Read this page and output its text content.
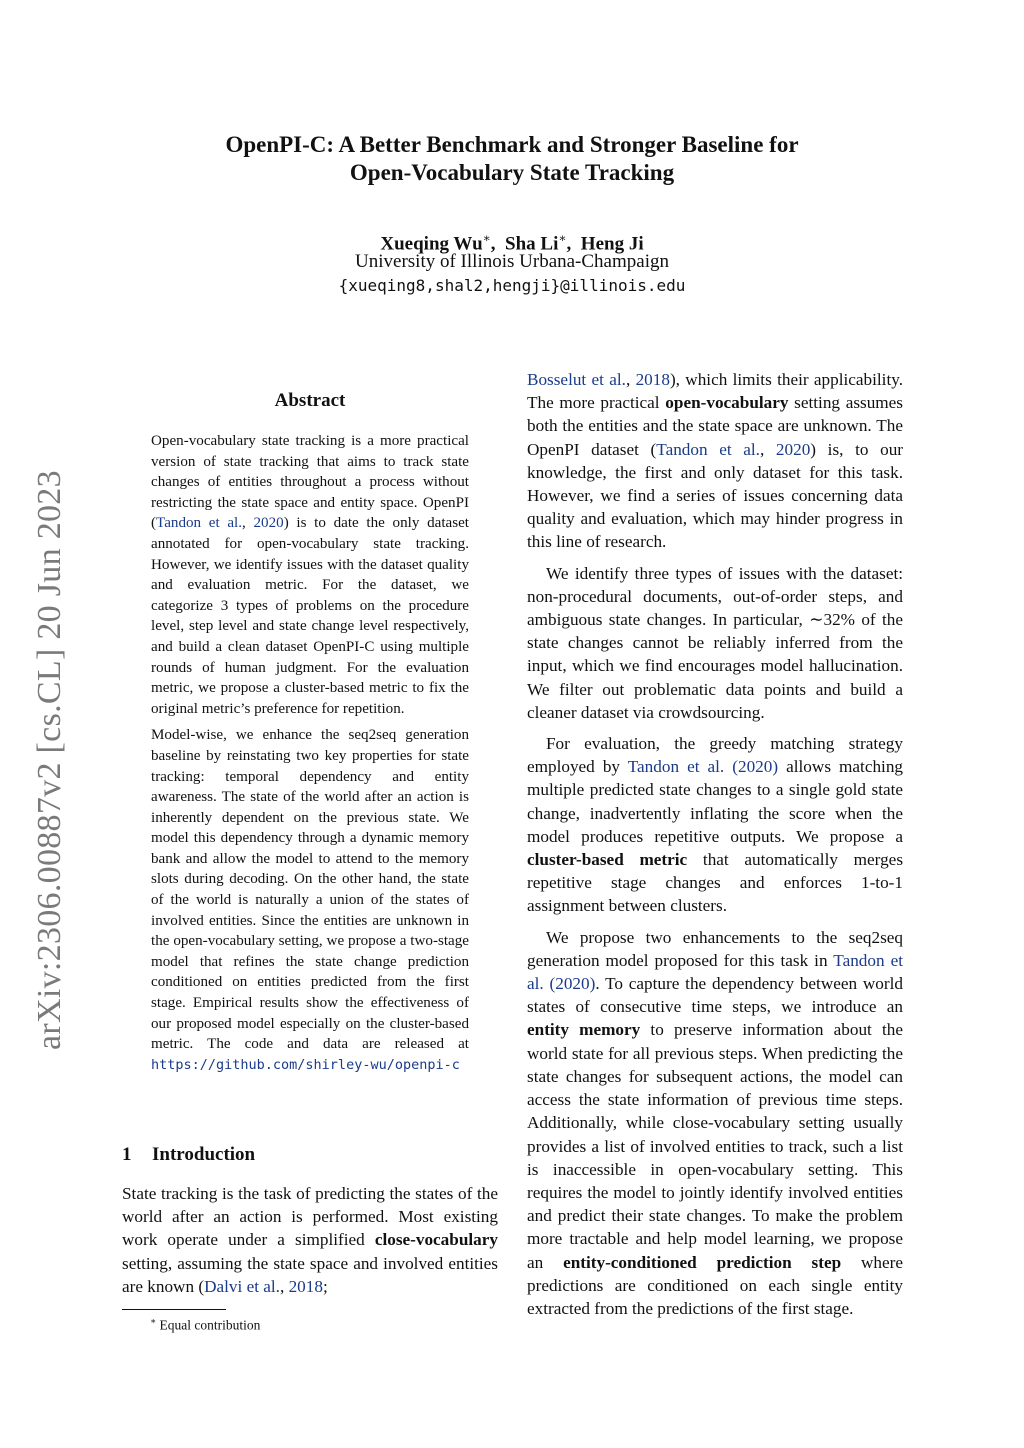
OpenPI-C: A Better Benchmark and Stronger Baseline for
Open-Vocabulary State Tracking
Xueqing Wu∗,  Sha Li∗,  Heng Ji
University of Illinois Urbana-Champaign
{xueqing8,shal2,hengji}@illinois.edu
arXiv:2306.00887v2 [cs.CL] 20 Jun 2023
Abstract

Open-vocabulary state tracking is a more practical version of state tracking that aims to track state changes of entities throughout a process without restricting the state space and entity space. OpenPI (Tandon et al., 2020) is to date the only dataset annotated for open-vocabulary state tracking. However, we identify issues with the dataset quality and evaluation metric. For the dataset, we categorize 3 types of problems on the procedure level, step level and state change level respectively, and build a clean dataset OpenPI-C using multiple rounds of human judgment. For the evaluation metric, we propose a cluster-based metric to fix the original metric’s preference for repetition.

Model-wise, we enhance the seq2seq generation baseline by reinstating two key properties for state tracking: temporal dependency and entity awareness. The state of the world after an action is inherently dependent on the previous state. We model this dependency through a dynamic memory bank and allow the model to attend to the memory slots during decoding. On the other hand, the state of the world is naturally a union of the states of involved entities. Since the entities are unknown in the open-vocabulary setting, we propose a two-stage model that refines the state change prediction conditioned on entities predicted from the first stage. Empirical results show the effectiveness of our proposed model especially on the cluster-based metric. The code and data are released at https://github.com/shirley-wu/openpi-c

1 Introduction

State tracking is the task of predicting the states of the world after an action is performed. Most existing work operate under a simplified close-vocabulary setting, assuming the state space and involved entities are known (Dalvi et al., 2018;

∗ Equal contribution

Bosselut et al., 2018), which limits their applicability. The more practical open-vocabulary setting assumes both the entities and the state space are unknown. The OpenPI dataset (Tandon et al., 2020) is, to our knowledge, the first and only dataset for this task. However, we find a series of issues concerning data quality and evaluation, which may hinder progress in this line of research.

We identify three types of issues with the dataset: non-procedural documents, out-of-order steps, and ambiguous state changes. In particular, ∼32% of the state changes cannot be reliably inferred from the input, which we find encourages model hallucination. We filter out problematic data points and build a cleaner dataset via crowdsourcing.

For evaluation, the greedy matching strategy employed by Tandon et al. (2020) allows matching multiple predicted state changes to a single gold state change, inadvertently inflating the score when the model produces repetitive outputs. We propose a cluster-based metric that automatically merges repetitive stage changes and enforces 1-to-1 assignment between clusters.

We propose two enhancements to the seq2seq generation model proposed for this task in Tandon et al. (2020). To capture the dependency between world states of consecutive time steps, we introduce an entity memory to preserve information about the world state for all previous steps. When predicting the state changes for subsequent actions, the model can access the state information of previous time steps. Additionally, while close-vocabulary setting usually provides a list of involved entities to track, such a list is inaccessible in open-vocabulary setting. This requires the model to jointly identify involved entities and predict their state changes. To make the problem more tractable and help model learning, we propose an entity-conditioned prediction step where predictions are conditioned on each single entity extracted from the predictions of the first stage.
